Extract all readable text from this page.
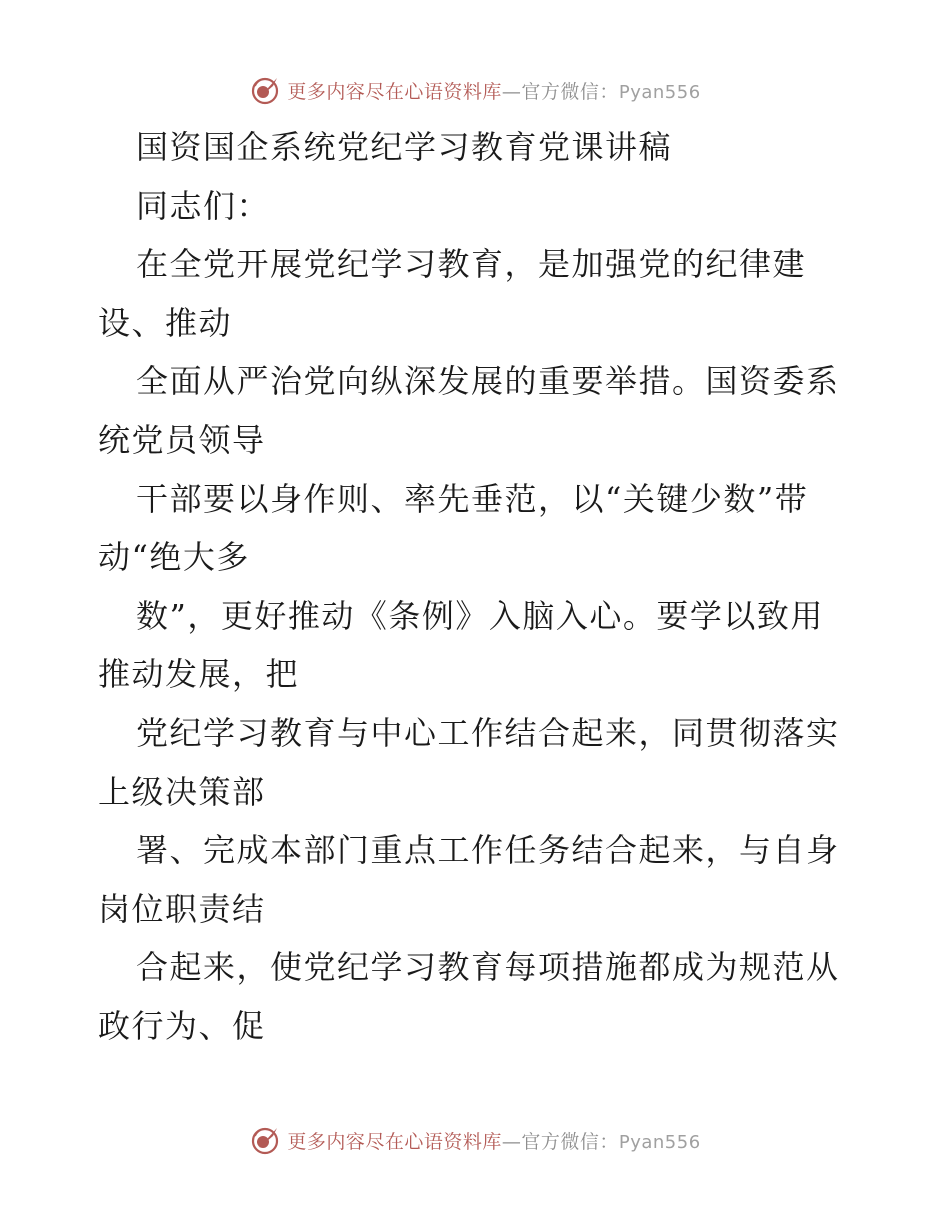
更多内容尽在心语资料库—官方微信：Pyan556
国资国企系统党纪学习教育党课讲稿
同志们：
在全党开展党纪学习教育，是加强党的纪律建
设、推动
全面从严治党向纵深发展的重要举措。国资委系
统党员领导
干部要以身作则、率先垂范，以“关键少数”带
动“绝大多
数”，更好推动《条例》入脑入心。要学以致用
推动发展，把
党纪学习教育与中心工作结合起来，同贯彻落实
上级决策部
署、完成本部门重点工作任务结合起来，与自身
岗位职责结
合起来，使党纪学习教育每项措施都成为规范从
政行为、促
更多内容尽在心语资料库—官方微信：Pyan556
